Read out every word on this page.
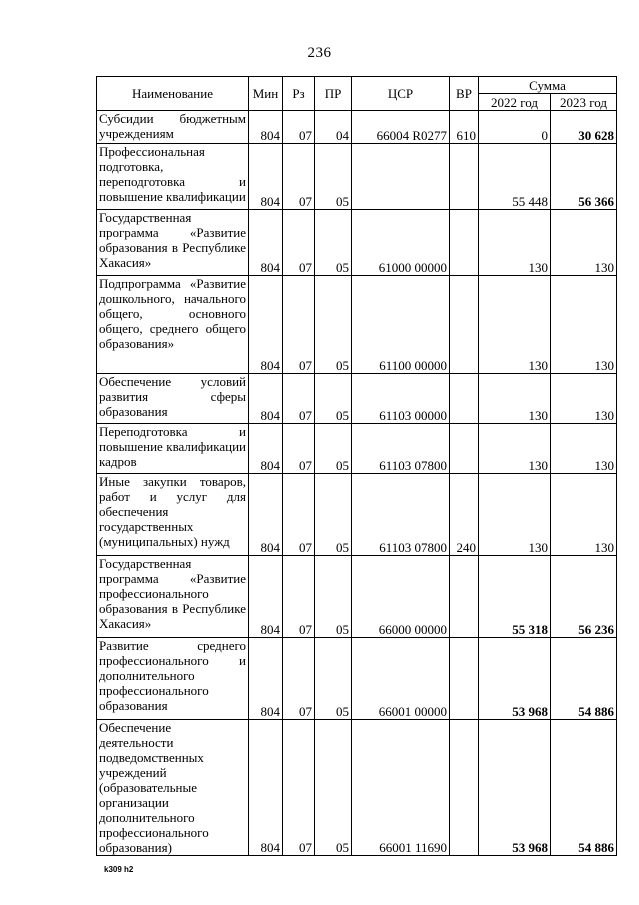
236
Наименование	Мин	Рз	ПР	ЦСР	ВР	Сумма	
						2022 год	2023 год
Субсидии бюджетным учреждениям	804	07	04	66004 R0277	610	0	30 628
Профессиональная подготовка, переподготовка и повышение квалификации	804	07	05			55 448	56 366
Государственная программа «Развитие образования в Республике Хакасия»	804	07	05	61000 00000		130	130
Подпрограмма «Развитие дошкольного, начального общего, основного общего, среднего общего образования»	804	07	05	61100 00000		130	130
Обеспечение условий развития сферы образования	804	07	05	61103 00000		130	130
Переподготовка и повышение квалификации кадров	804	07	05	61103 07800		130	130
Иные закупки товаров, работ и услуг для обеспечения государственных (муниципальных) нужд	804	07	05	61103 07800	240	130	130
Государственная программа «Развитие профессионального образования в Республике Хакасия»	804	07	05	66000 00000		55 318	56 236
Развитие среднего профессионального и дополнительного профессионального образования	804	07	05	66001 00000		53 968	54 886
Обеспечение деятельности подведомственных учреждений (образовательные организации дополнительного профессионального образования)	804	07	05	66001 11690		53 968	54 886
k309 h2
